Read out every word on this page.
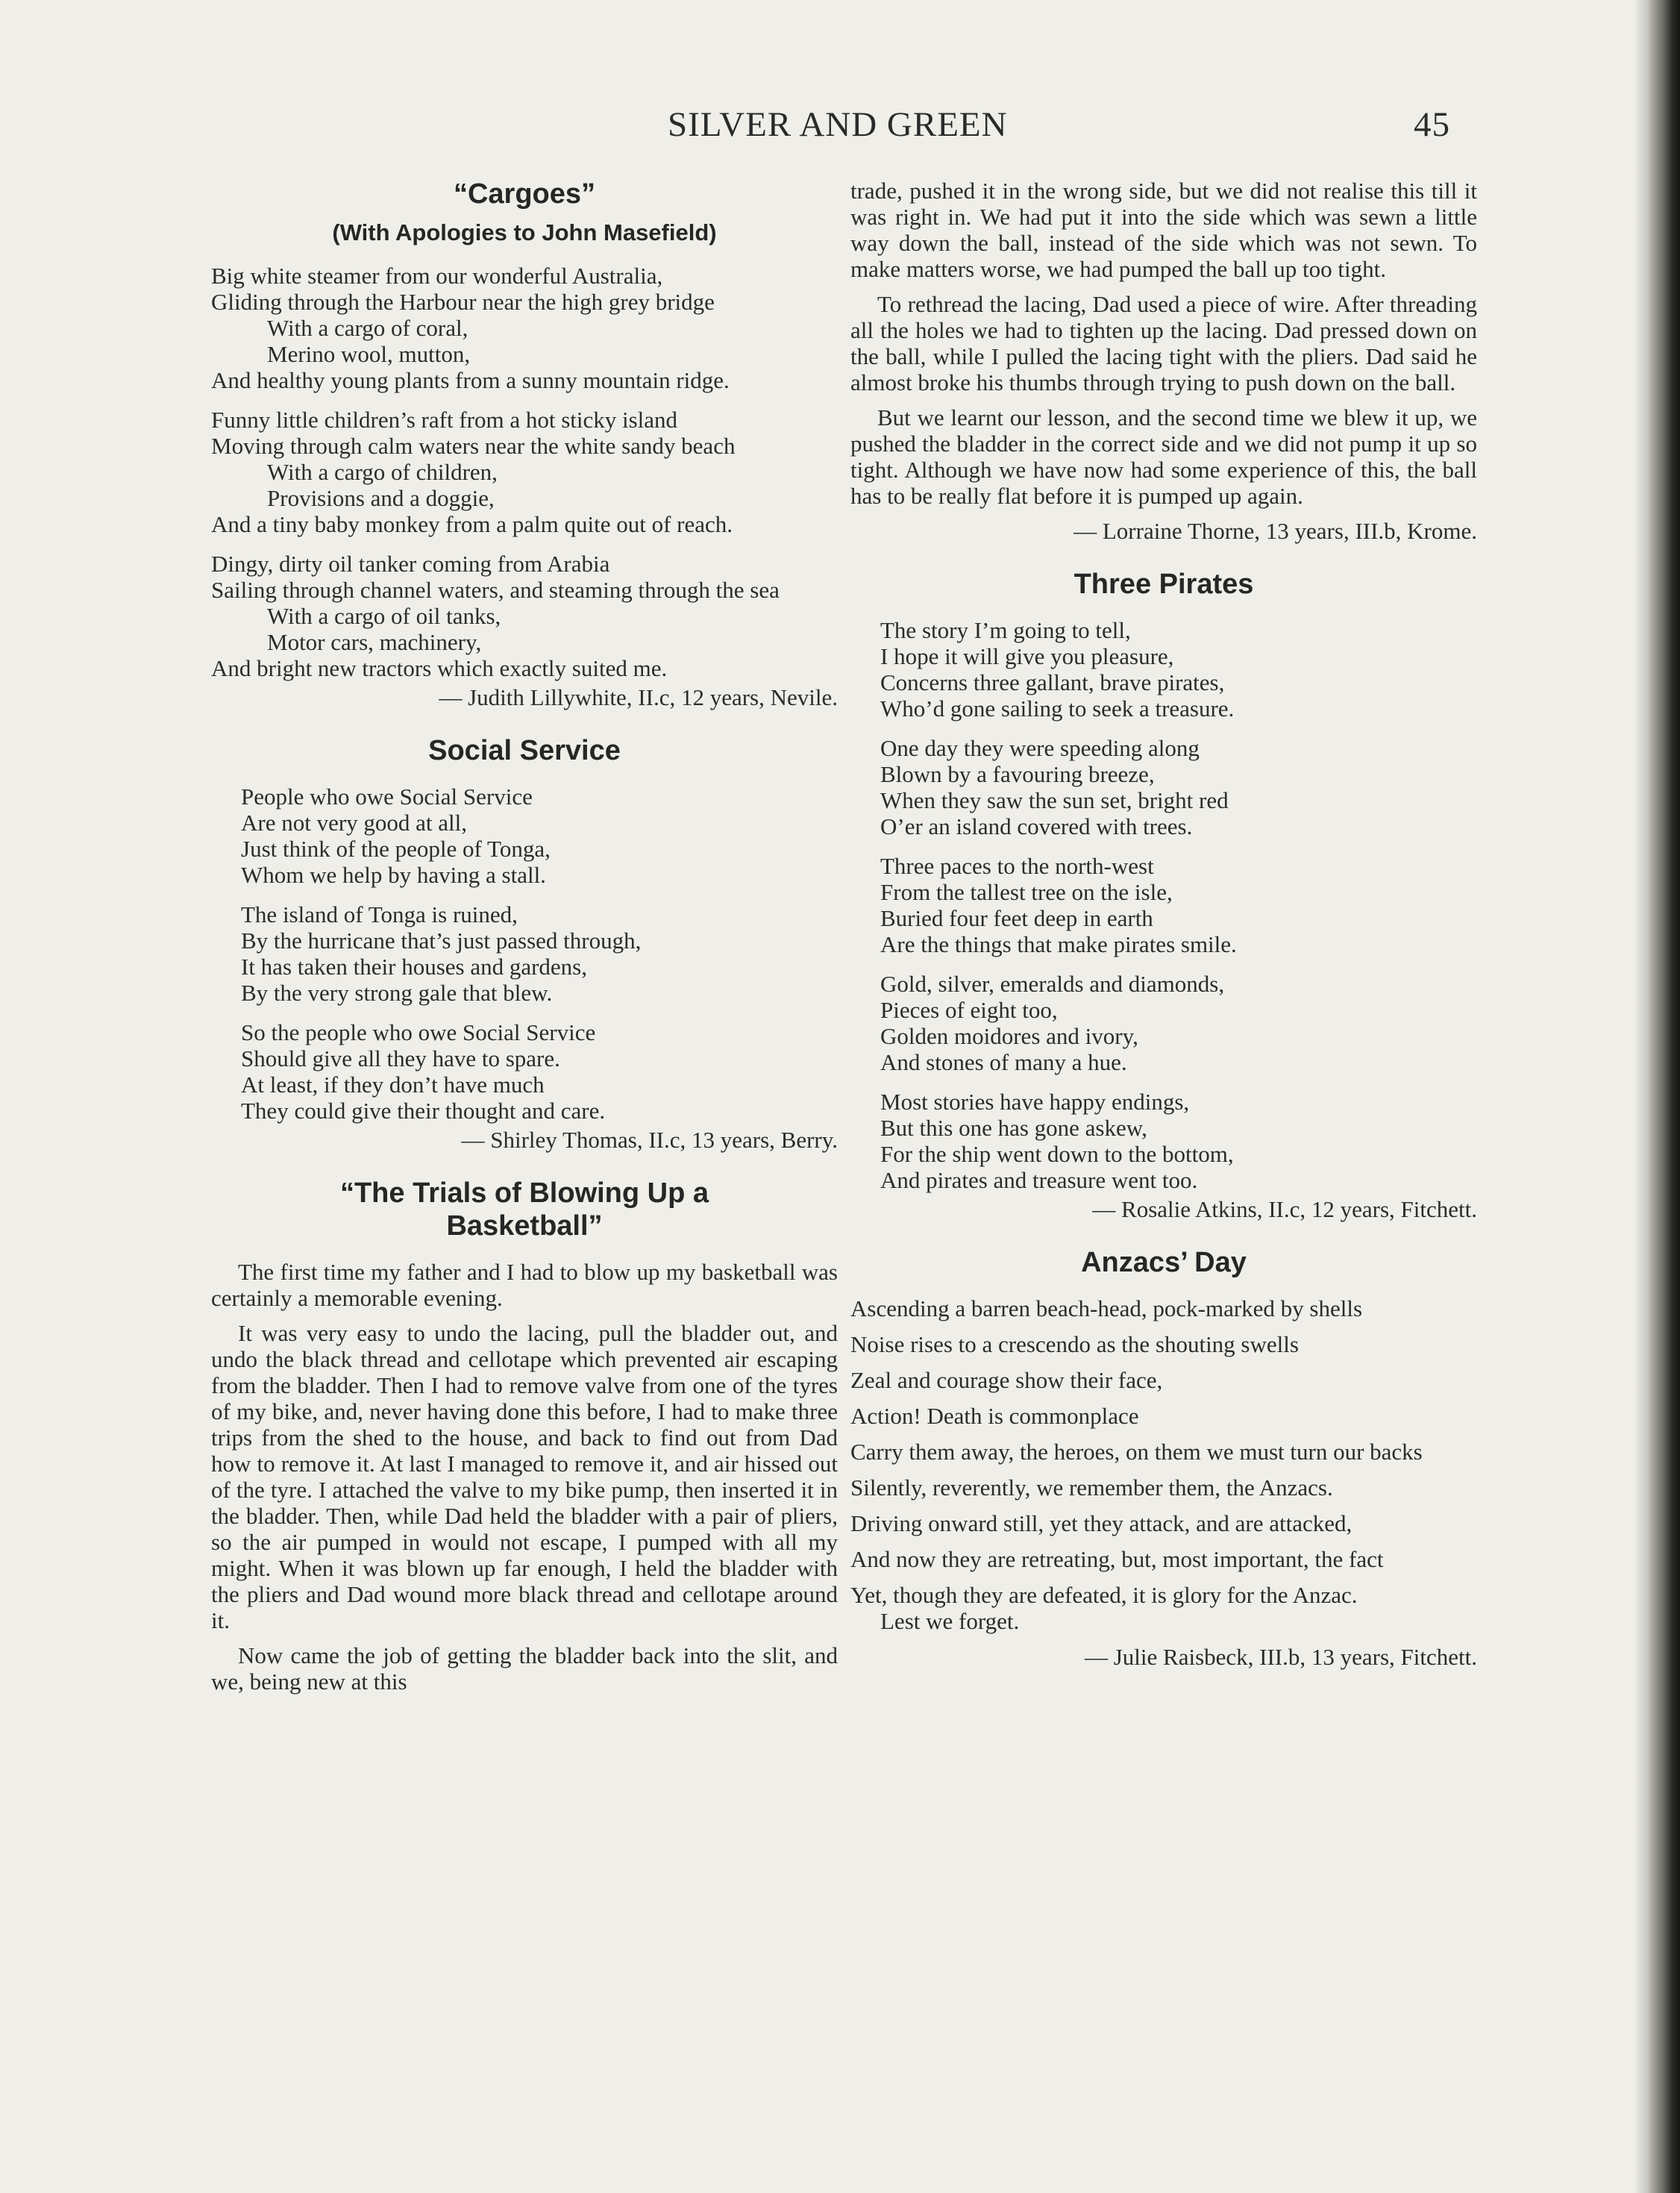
SILVER AND GREEN	45
“Cargoes”
(With Apologies to John Masefield)
Big white steamer from our wonderful Australia,
Gliding through the Harbour near the high grey bridge
With a cargo of coral,
Merino wool, mutton,
And healthy young plants from a sunny mountain ridge.
Funny little children’s raft from a hot sticky island
Moving through calm waters near the white sandy beach
With a cargo of children,
Provisions and a doggie,
And a tiny baby monkey from a palm quite out of reach.
Dingy, dirty oil tanker coming from Arabia
Sailing through channel waters, and steaming through the sea
With a cargo of oil tanks,
Motor cars, machinery,
And bright new tractors which exactly suited me.
— Judith Lillywhite, II.c, 12 years, Nevile.
Social Service
People who owe Social Service
Are not very good at all,
Just think of the people of Tonga,
Whom we help by having a stall.
The island of Tonga is ruined,
By the hurricane that’s just passed through,
It has taken their houses and gardens,
By the very strong gale that blew.
So the people who owe Social Service
Should give all they have to spare.
At least, if they don’t have much
They could give their thought and care.
— Shirley Thomas, II.c, 13 years, Berry.
“The Trials of Blowing Up a
Basketball”

The first time my father and I had to blow up my basketball was certainly a memorable evening.

It was very easy to undo the lacing, pull the bladder out, and undo the black thread and cellotape which prevented air escaping from the bladder. Then I had to remove valve from one of the tyres of my bike, and, never having done this before, I had to make three trips from the shed to the house, and back to find out from Dad how to remove it. At last I managed to remove it, and air hissed out of the tyre. I attached the valve to my bike pump, then inserted it in the bladder. Then, while Dad held the bladder with a pair of pliers, so the air pumped in would not escape, I pumped with all my might. When it was blown up far enough, I held the bladder with the pliers and Dad wound more black thread and cellotape around it.

Now came the job of getting the bladder back into the slit, and we, being new at this

trade, pushed it in the wrong side, but we did not realise this till it was right in. We had put it into the side which was sewn a little way down the ball, instead of the side which was not sewn. To make matters worse, we had pumped the ball up too tight.

To rethread the lacing, Dad used a piece of wire. After threading all the holes we had to tighten up the lacing. Dad pressed down on the ball, while I pulled the lacing tight with the pliers. Dad said he almost broke his thumbs through trying to push down on the ball.

But we learnt our lesson, and the second time we blew it up, we pushed the bladder in the correct side and we did not pump it up so tight. Although we have now had some experience of this, the ball has to be really flat before it is pumped up again.

— Lorraine Thorne, 13 years, III.b, Krome.
Three Pirates
The story I’m going to tell,
I hope it will give you pleasure,
Concerns three gallant, brave pirates,
Who’d gone sailing to seek a treasure.
One day they were speeding along
Blown by a favouring breeze,
When they saw the sun set, bright red
O’er an island covered with trees.
Three paces to the north-west
From the tallest tree on the isle,
Buried four feet deep in earth
Are the things that make pirates smile.
Gold, silver, emeralds and diamonds,
Pieces of eight too,
Golden moidores and ivory,
And stones of many a hue.
Most stories have happy endings,
But this one has gone askew,
For the ship went down to the bottom,
And pirates and treasure went too.
— Rosalie Atkins, II.c, 12 years, Fitchett.
Anzacs’ Day
Ascending a barren beach-head, pock-marked by shells
Noise rises to a crescendo as the shouting swells
Zeal and courage show their face,
Action! Death is commonplace
Carry them away, the heroes, on them we must turn our backs
Silently, reverently, we remember them, the Anzacs.
Driving onward still, yet they attack, and are attacked,
And now they are retreating, but, most important, the fact
Yet, though they are defeated, it is glory for the Anzac.
Lest we forget.
— Julie Raisbeck, III.b, 13 years, Fitchett.
